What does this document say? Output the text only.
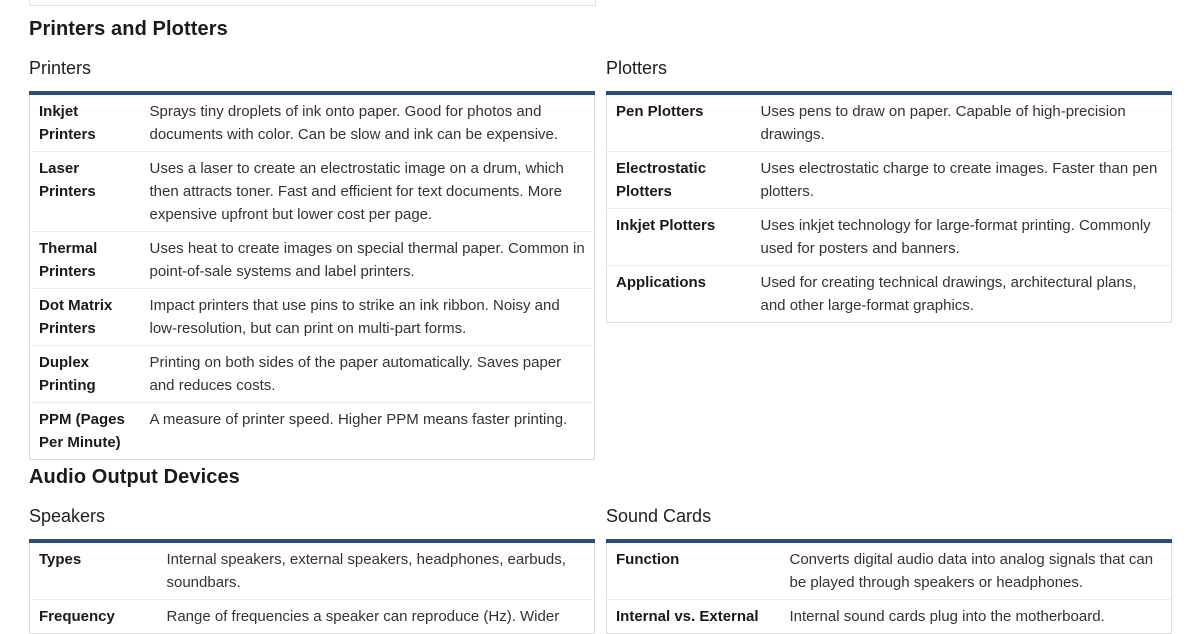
Printers and Plotters
Printers
Inkjet Printers	Sprays tiny droplets of ink onto paper. Good for photos and documents with color. Can be slow and ink can be expensive.
Laser Printers	Uses a laser to create an electrostatic image on a drum, which then attracts toner. Fast and efficient for text documents. More expensive upfront but lower cost per page.
Thermal Printers	Uses heat to create images on special thermal paper. Common in point-of-sale systems and label printers.
Dot Matrix Printers	Impact printers that use pins to strike an ink ribbon. Noisy and low-resolution, but can print on multi-part forms.
Duplex Printing	Printing on both sides of the paper automatically. Saves paper and reduces costs.
PPM (Pages Per Minute)	A measure of printer speed. Higher PPM means faster printing.
Plotters
Pen Plotters	Uses pens to draw on paper. Capable of high-precision drawings.
Electrostatic Plotters	Uses electrostatic charge to create images. Faster than pen plotters.
Inkjet Plotters	Uses inkjet technology for large-format printing. Commonly used for posters and banners.
Applications	Used for creating technical drawings, architectural plans, and other large-format graphics.
Audio Output Devices
Speakers
Types	Internal speakers, external speakers, headphones, earbuds, soundbars.
Frequency	Range of frequencies a speaker can reproduce (Hz). Wider
Sound Cards
Function	Converts digital audio data into analog signals that can be played through speakers or headphones.
Internal vs. External	Internal sound cards plug into the motherboard.
